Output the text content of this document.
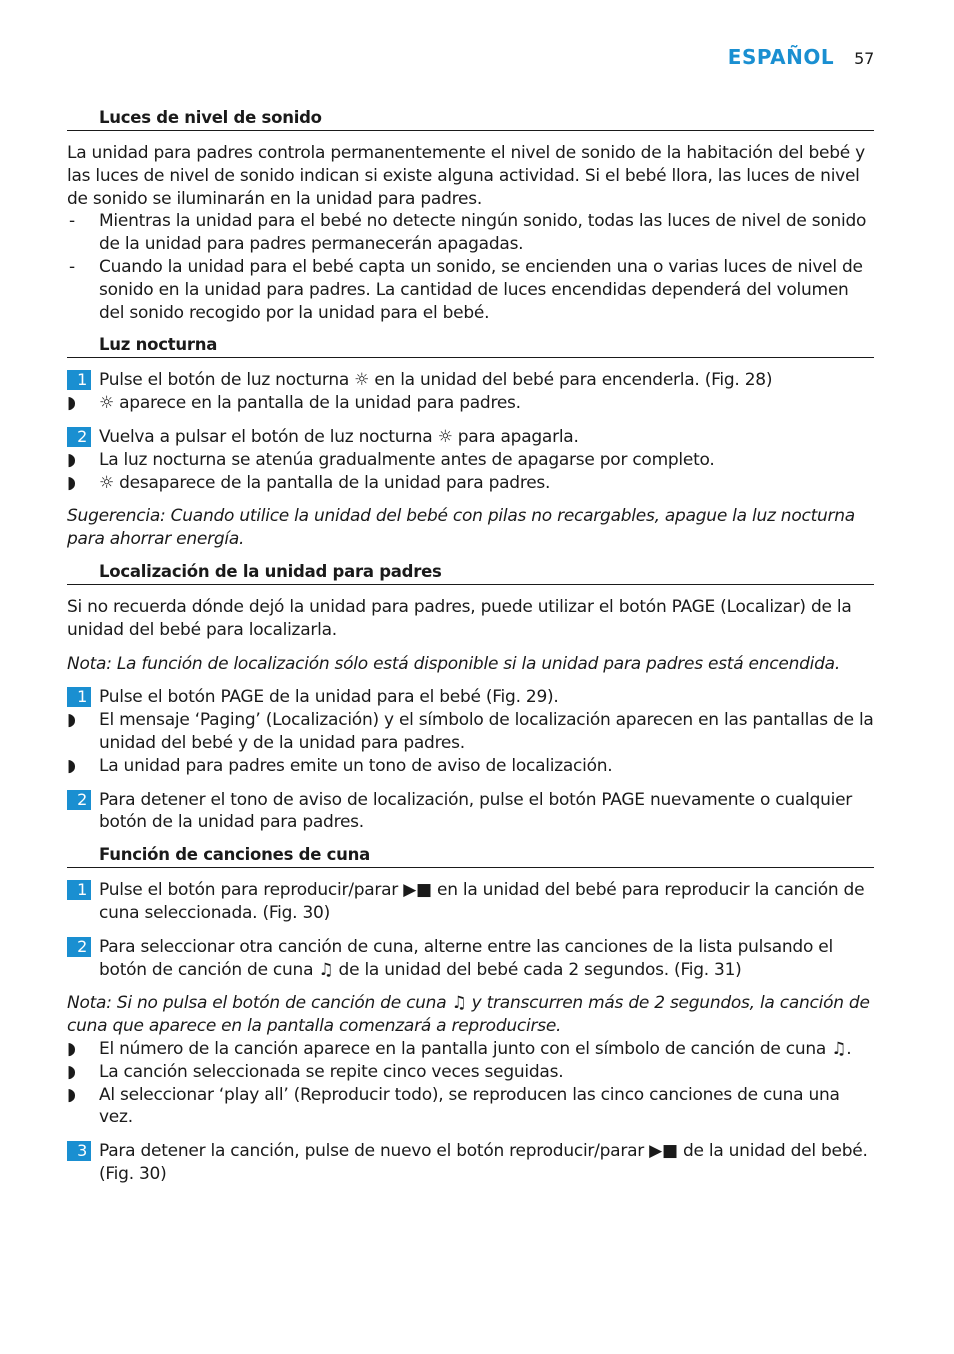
ESPAÑOL 57
Luces de nivel de sonido
La unidad para padres controla permanentemente el nivel de sonido de la habitación del bebé y las luces de nivel de sonido indican si existe alguna actividad. Si el bebé llora, las luces de nivel de sonido se iluminarán en la unidad para padres.
-	Mientras la unidad para el bebé no detecte ningún sonido, todas las luces de nivel de sonido de la unidad para padres permanecerán apagadas.
-	Cuando la unidad para el bebé capta un sonido, se encienden una o varias luces de nivel de sonido en la unidad para padres. La cantidad de luces encendidas dependerá del volumen del sonido recogido por la unidad para el bebé.
Luz nocturna
1 Pulse el botón de luz nocturna ☼ en la unidad del bebé para encenderla. (Fig. 28)
◗	☼ aparece en la pantalla de la unidad para padres.
2 Vuelva a pulsar el botón de luz nocturna ☼ para apagarla.
◗	La luz nocturna se atenúa gradualmente antes de apagarse por completo.
◗	☼ desaparece de la pantalla de la unidad para padres.
Sugerencia: Cuando utilice la unidad del bebé con pilas no recargables, apague la luz nocturna para ahorrar energía.
Localización de la unidad para padres
Si no recuerda dónde dejó la unidad para padres, puede utilizar el botón PAGE (Localizar) de la unidad del bebé para localizarla.
Nota: La función de localización sólo está disponible si la unidad para padres está encendida.
1 Pulse el botón PAGE de la unidad para el bebé (Fig. 29).
◗	El mensaje ‘Paging’ (Localización) y el símbolo de localización aparecen en las pantallas de la unidad del bebé y de la unidad para padres.
◗	La unidad para padres emite un tono de aviso de localización.
2 Para detener el tono de aviso de localización, pulse el botón PAGE nuevamente o cualquier botón de la unidad para padres.
Función de canciones de cuna
1 Pulse el botón para reproducir/parar ▶■ en la unidad del bebé para reproducir la canción de cuna seleccionada. (Fig. 30)
2 Para seleccionar otra canción de cuna, alterne entre las canciones de la lista pulsando el botón de canción de cuna ♫ de la unidad del bebé cada 2 segundos. (Fig. 31)
Nota: Si no pulsa el botón de canción de cuna ♫ y transcurren más de 2 segundos, la canción de cuna que aparece en la pantalla comenzará a reproducirse.
◗	El número de la canción aparece en la pantalla junto con el símbolo de canción de cuna ♫.
◗	La canción seleccionada se repite cinco veces seguidas.
◗	Al seleccionar ‘play all’ (Reproducir todo), se reproducen las cinco canciones de cuna una vez.
3 Para detener la canción, pulse de nuevo el botón reproducir/parar ▶■ de la unidad del bebé. (Fig. 30)
